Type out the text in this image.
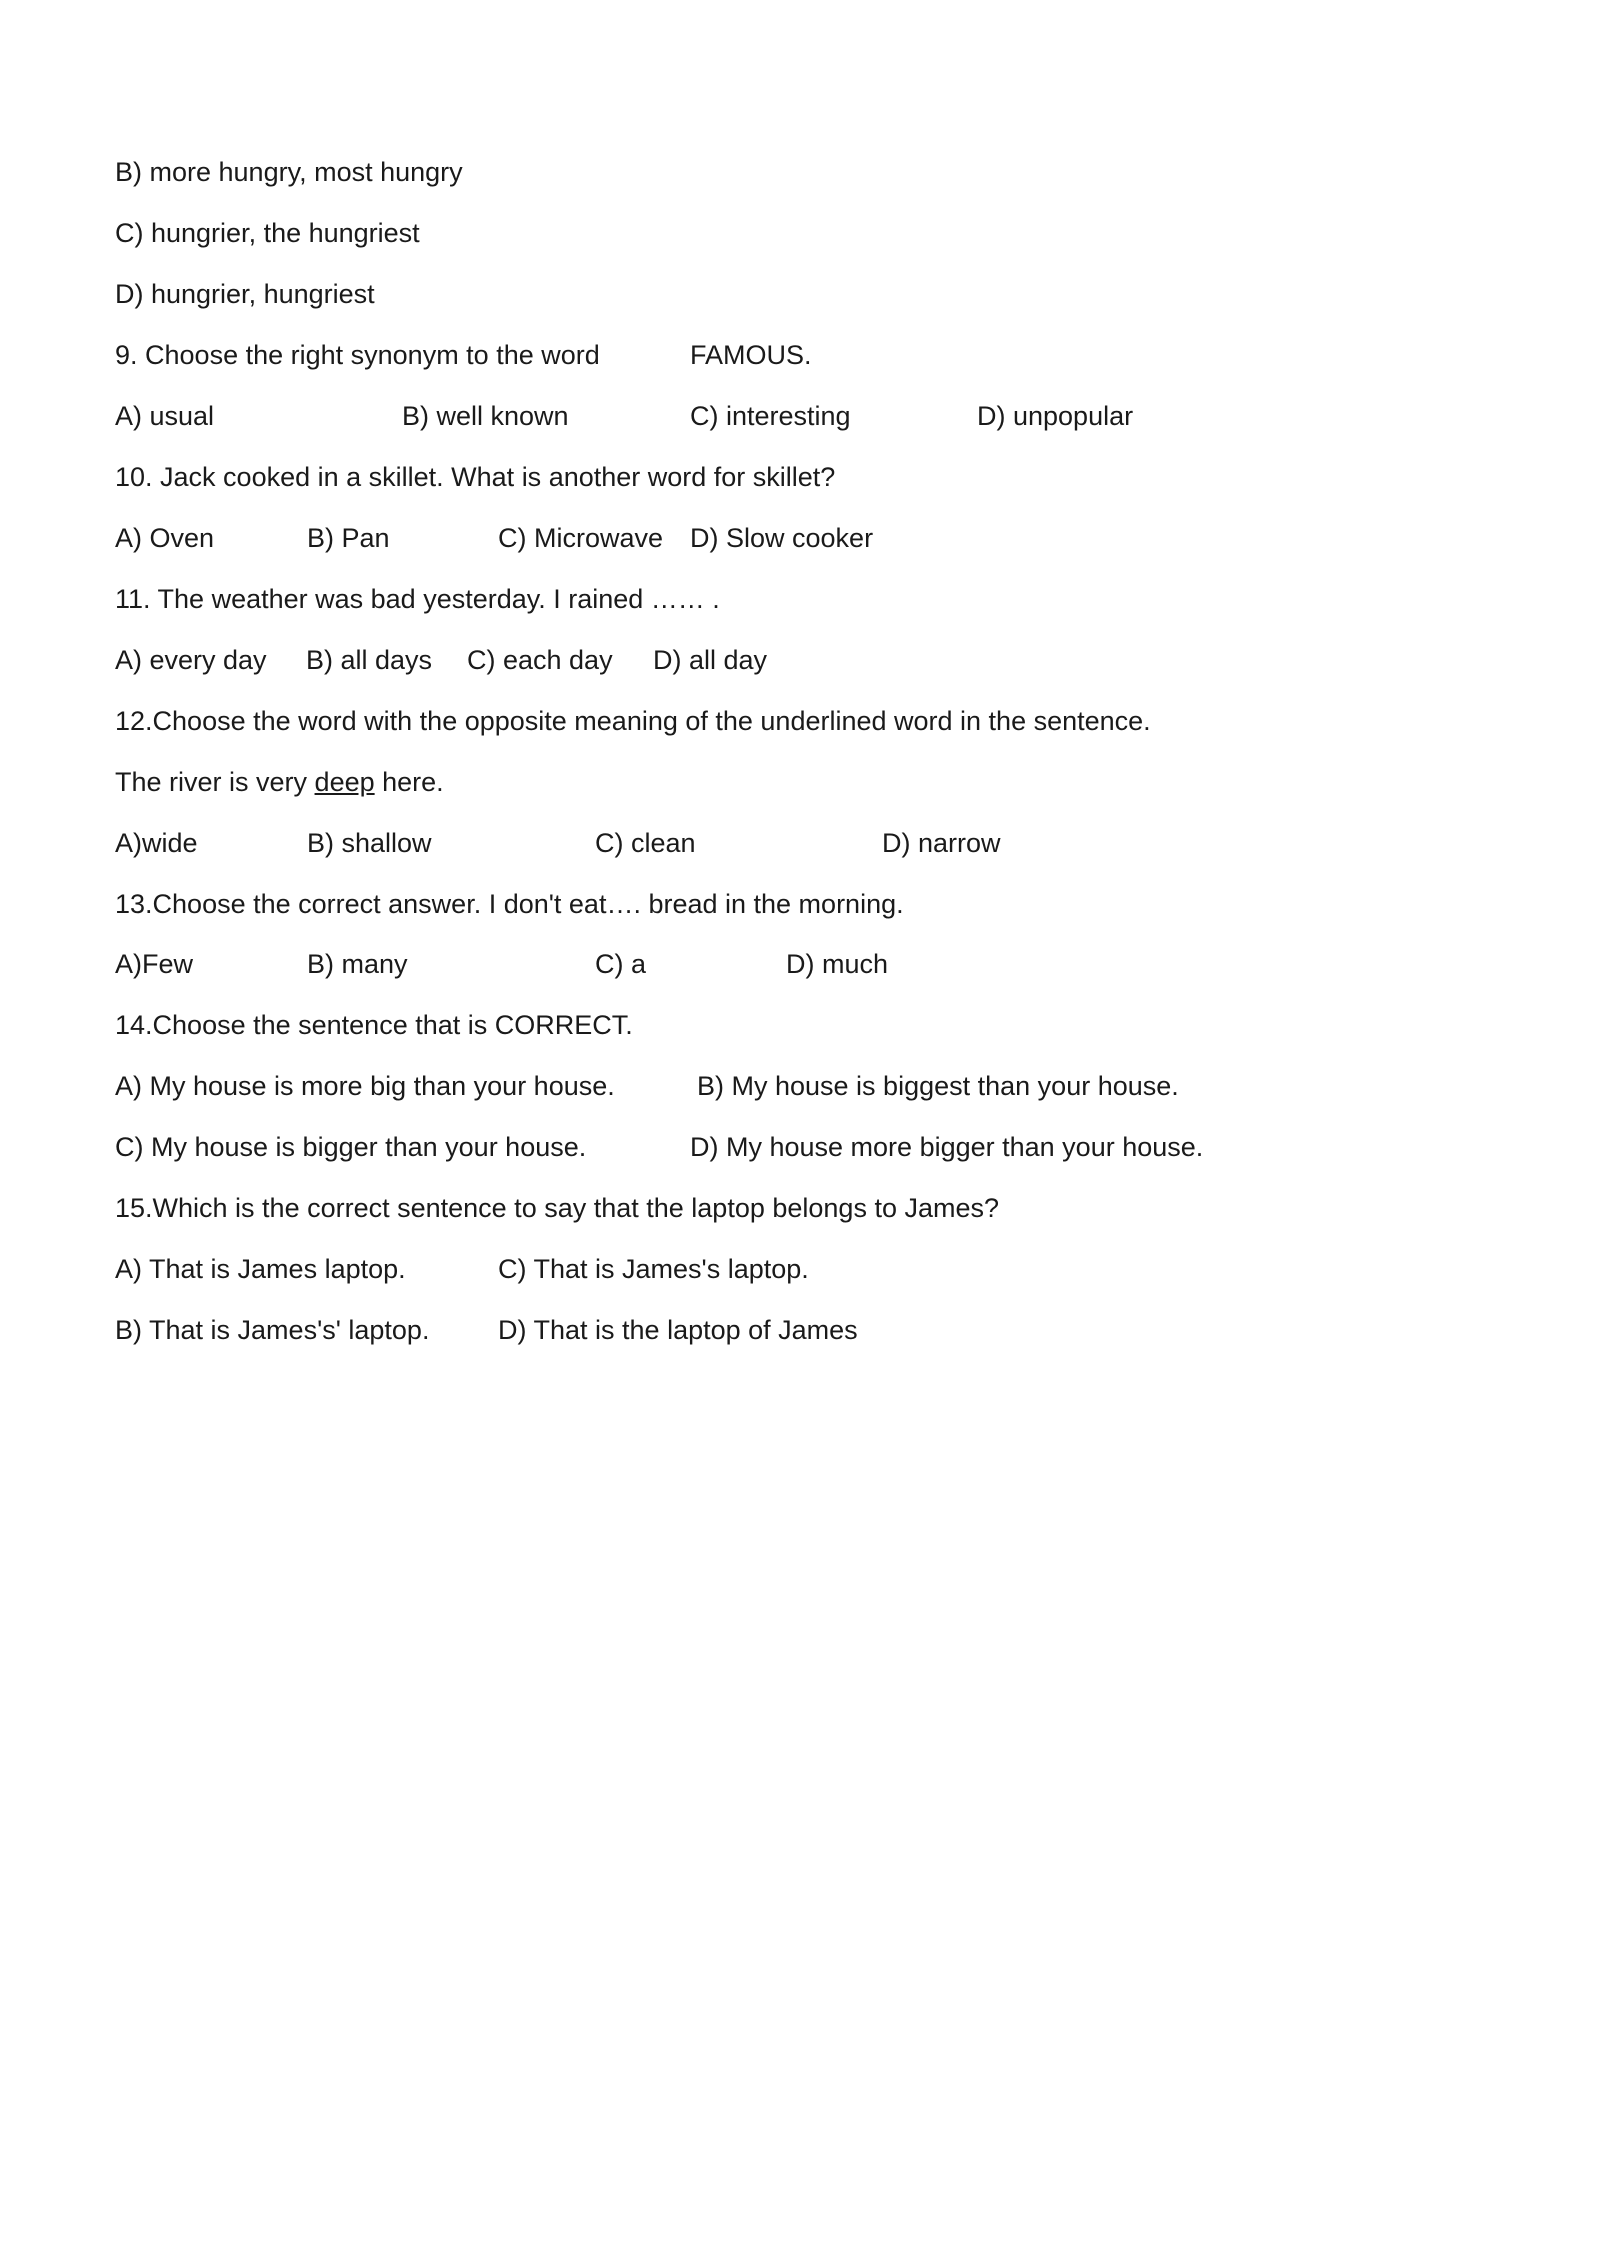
B) more hungry, most hungry
C) hungrier, the hungriest
D) hungrier, hungriest
9. Choose the right synonym to the word	FAMOUS.
A) usual	B) well known	C) interesting	D) unpopular
10. Jack cooked in a skillet. What is another word for skillet?
A) Oven	B) Pan	C) Microwave D) Slow cooker
11. The weather was bad yesterday. I rained …… .
A) every day B) all days C) each day D) all day
12.Choose the word with the opposite meaning of the underlined word in the sentence.
The river is very deep here.
A)wide	B) shallow	C) clean	D) narrow
13.Choose the correct answer. I don't eat…. bread in the morning.
A)Few	B) many	C) a	D) much
14.Choose the sentence that is CORRECT.
A) My house is more big than your house.	B) My house is biggest than your house.
C) My house is bigger than your house.	D) My house more bigger than your house.
15.Which is the correct sentence to say that the laptop belongs to James?
A) That is James laptop.	C) That is James's laptop.
B) That is James's' laptop.	D) That is the laptop of James
